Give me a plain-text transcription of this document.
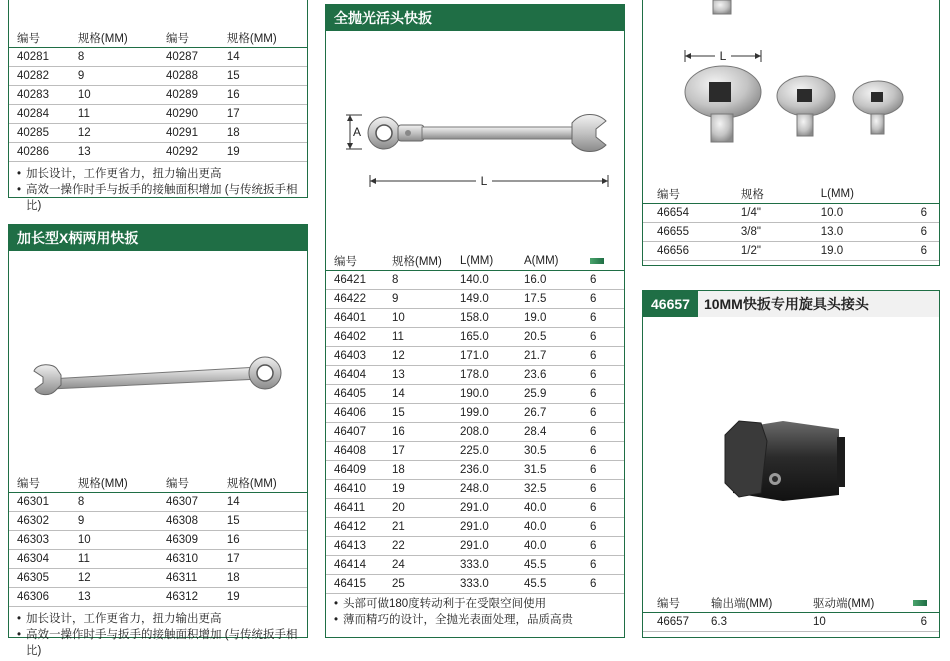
编号	规格(MM)	编号	规格(MM)
40281	8	40287	14
40282	9	40288	15
40283	10	40289	16
40284	11	40290	17
40285	12	40291	18
40286	13	40292	19
• 加长设计，工作更省力，扭力输出更高
• 高效一操作时手与扳手的接触面积增加 (与传统扳手相比)
加长型X柄两用快扳
编号	规格(MM)	编号	规格(MM)
46301	8	46307	14
46302	9	46308	15
46303	10	46309	16
46304	11	46310	17
46305	12	46311	18
46306	13	46312	19
• 加长设计，工作更省力，扭力输出更高
• 高效一操作时手与扳手的接触面积增加 (与传统扳手相比)
全抛光活头快扳
A
L
编号	规格(MM)	L(MM)	A(MM)	
46421	8	140.0	16.0	6
46422	9	149.0	17.5	6
46401	10	158.0	19.0	6
46402	11	165.0	20.5	6
46403	12	171.0	21.7	6
46404	13	178.0	23.6	6
46405	14	190.0	25.9	6
46406	15	199.0	26.7	6
46407	16	208.0	28.4	6
46408	17	225.0	30.5	6
46409	18	236.0	31.5	6
46410	19	248.0	32.5	6
46411	20	291.0	40.0	6
46412	21	291.0	40.0	6
46413	22	291.0	40.0	6
46414	24	333.0	45.5	6
46415	25	333.0	45.5	6
• 头部可做180度转动利于在受限空间使用
• 薄而精巧的设计，全抛光表面处理，品质高贵
L
编号	规格	L(MM)	
46654	1/4"	10.0	6
46655	3/8"	13.0	6
46656	1/2"	19.0	6
46657	10MM快扳专用旋具头接头
编号	输出端(MM)	驱动端(MM)	
46657	6.3	10	6
